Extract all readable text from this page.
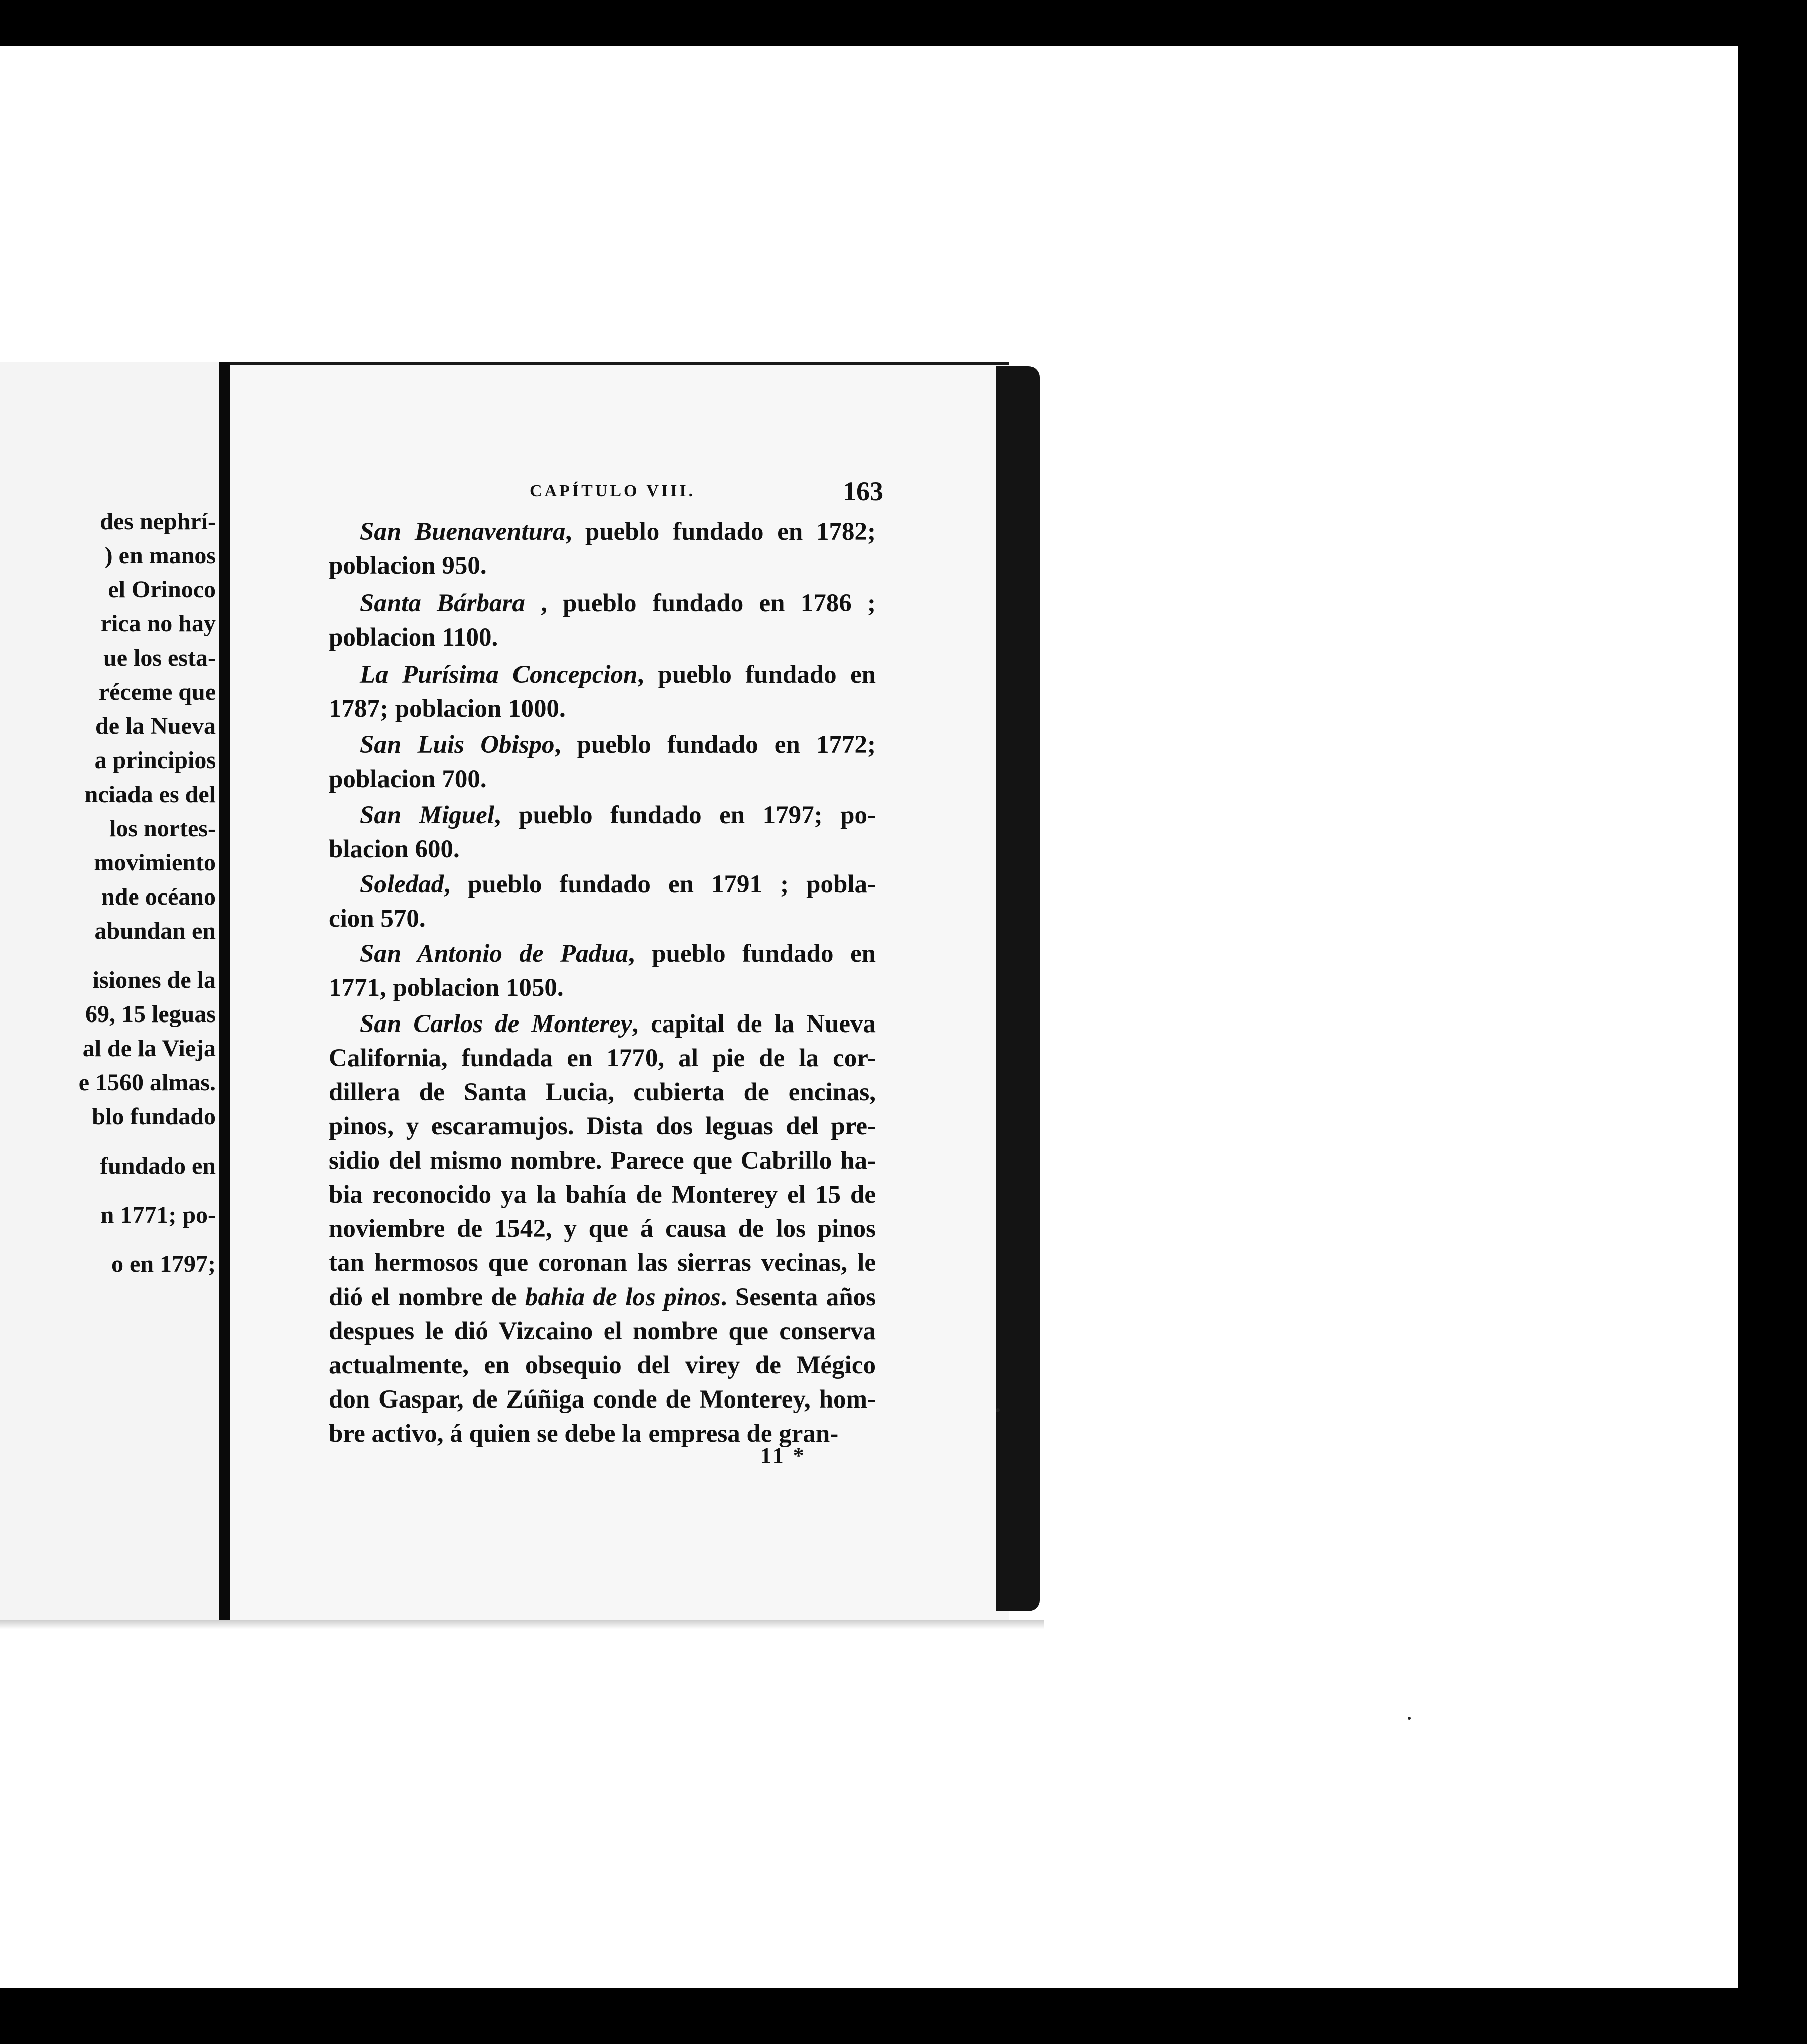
des nephrí-
) en manos
el Orinoco
rica no hay
ue los esta-
réceme que
de la Nueva
a principios
nciada es del
los nortes-
movimiento
nde océano
abundan en
isiones de la
69, 15 leguas
al de la Vieja
e 1560 almas.
blo fundado
fundado en
n 1771; po-
o en 1797;
CAPÍTULO VIII.	163
San Buenaventura, pueblo fundado en 1782;
poblacion 950.
Santa Bárbara , pueblo fundado en 1786 ;
poblacion 1100.
La Purísima Concepcion, pueblo fundado en
1787; poblacion 1000.
San Luis Obispo, pueblo fundado en 1772;
poblacion 700.
San Miguel, pueblo fundado en 1797; po-
blacion 600.
Soledad, pueblo fundado en 1791 ; pobla-
cion 570.
San Antonio de Padua, pueblo fundado en
1771, poblacion 1050.
San Carlos de Monterey, capital de la Nueva
California, fundada en 1770, al pie de la cor-
dillera de Santa Lucia, cubierta de encinas,
pinos, y escaramujos. Dista dos leguas del pre-
sidio del mismo nombre. Parece que Cabrillo ha-
bia reconocido ya la bahía de Monterey el 15 de
noviembre de 1542, y que á causa de los pinos
tan hermosos que coronan las sierras vecinas, le
dió el nombre de bahia de los pinos. Sesenta años
despues le dió Vizcaino el nombre que conserva
actualmente, en obsequio del virey de Mégico
don Gaspar, de Zúñiga conde de Monterey, hom-
bre activo, á quien se debe la empresa de gran-
11 *
